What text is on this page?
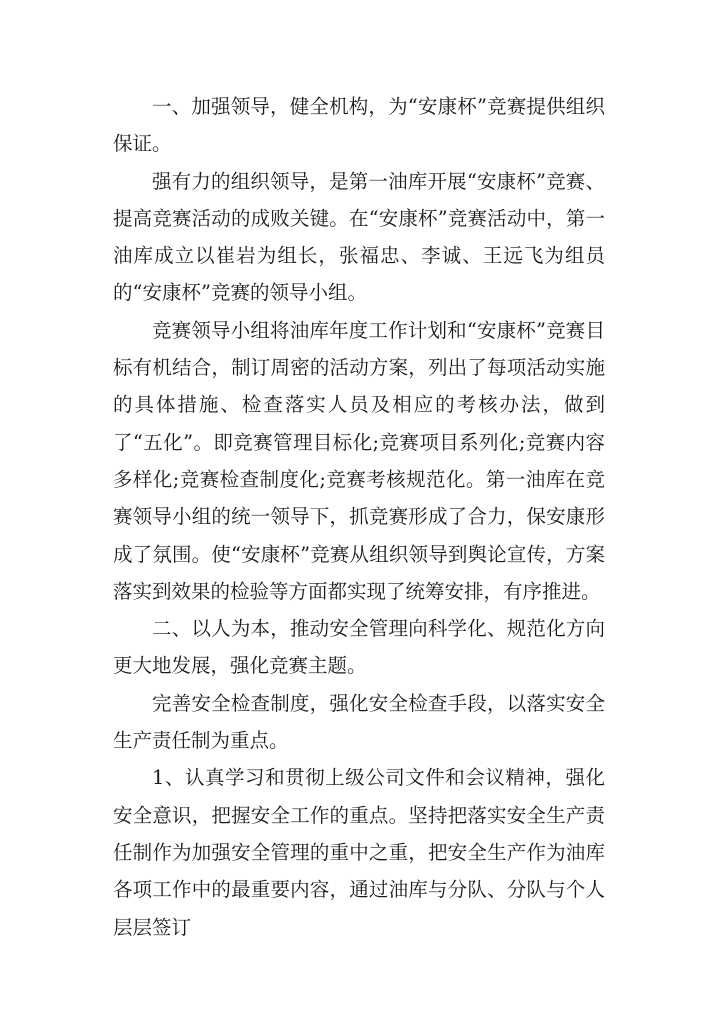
一、加强领导，健全机构，为“安康杯”竞赛提供组织保证。

强有力的组织领导，是第一油库开展“安康杯”竞赛、提高竞赛活动的成败关键。在“安康杯”竞赛活动中，第一油库成立以崔岩为组长，张福忠、李诚、王远飞为组员的“安康杯”竞赛的领导小组。

竞赛领导小组将油库年度工作计划和“安康杯”竞赛目标有机结合，制订周密的活动方案，列出了每项活动实施的具体措施、检查落实人员及相应的考核办法，做到了“五化”。即竞赛管理目标化;竞赛项目系列化;竞赛内容多样化;竞赛检查制度化;竞赛考核规范化。第一油库在竞赛领导小组的统一领导下，抓竞赛形成了合力，保安康形成了氛围。使“安康杯”竞赛从组织领导到舆论宣传，方案落实到效果的检验等方面都实现了统筹安排，有序推进。

二、以人为本，推动安全管理向科学化、规范化方向更大地发展，强化竞赛主题。

完善安全检查制度，强化安全检查手段，以落实安全生产责任制为重点。

1、认真学习和贯彻上级公司文件和会议精神，强化安全意识，把握安全工作的重点。坚持把落实安全生产责任制作为加强安全管理的重中之重，把安全生产作为油库各项工作中的最重要内容，通过油库与分队、分队与个人层层签订
